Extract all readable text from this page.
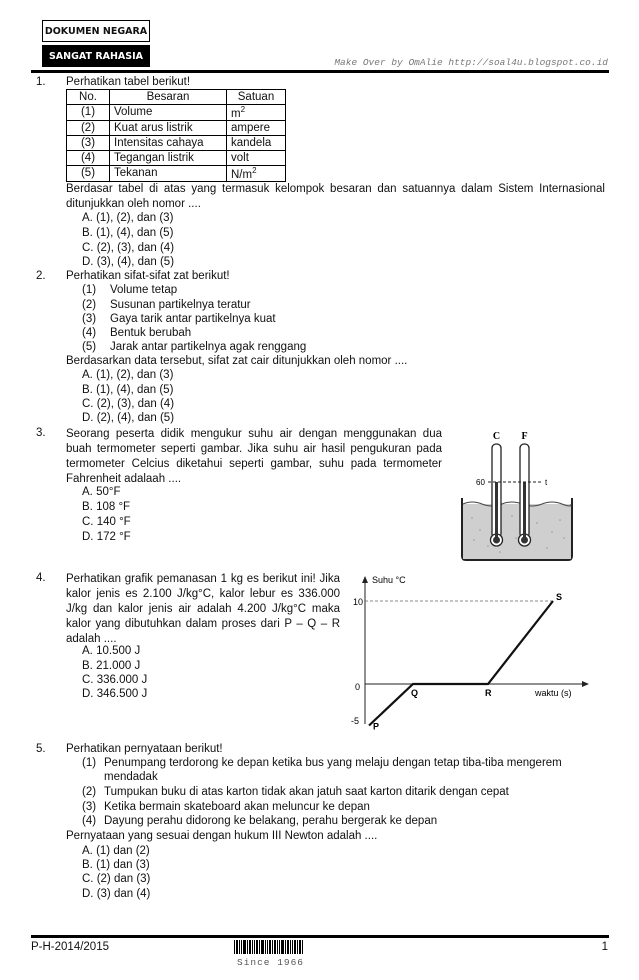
DOKUMEN NEGARA
SANGAT RAHASIA
Make Over by OmAlie http://soal4u.blogspot.co.id
1. Perhatikan tabel berikut!
No.	Besaran	Satuan
(1)	Volume	$m^2$
(2)	Kuat arus listrik	ampere
(3)	Intensitas cahaya	kandela
(4)	Tegangan listrik	volt
(5)	Tekanan	$N/m^2$
Berdasar tabel di atas yang termasuk kelompok besaran dan satuannya dalam Sistem Internasional ditunjukkan oleh nomor ....
A. (1), (2), dan (3)
B. (1), (4), dan (5)
C. (2), (3), dan (4)
D. (3), (4), dan (5)
2. Perhatikan sifat-sifat zat berikut!
(1) Volume tetap
(2) Susunan partikelnya teratur
(3) Gaya tarik antar partikelnya kuat
(4) Bentuk berubah
(5) Jarak antar partikelnya agak renggang
Berdasarkan data tersebut, sifat zat cair ditunjukkan oleh nomor ....
A. (1), (2), dan (3)
B. (1), (4), dan (5)
C. (2), (3), dan (4)
D. (2), (4), dan (5)
3. Seorang peserta didik mengukur suhu air dengan menggunakan dua buah termometer seperti gambar. Jika suhu air hasil pengukuran pada termometer Celcius diketahui seperti gambar, suhu pada termometer Fahrenheit adalaah ....
A. 50°F
B. 108 °F
C. 140 °F
D. 172 °F
C F
60	t
4. Perhatikan grafik pemanasan 1 kg es berikut ini! Jika kalor jenis es 2.100 J/kg°C, kalor lebur es 336.000 J/kg dan kalor jenis air adalah 4.200 J/kg°C maka kalor yang dibutuhkan dalam proses dari P – Q – R adalah ....
A. 10.500 J
B. 21.000 J
C. 336.000 J
D. 346.500 J
Suhu °C
waktu (s)
10
0
-5
P
Q	R
S
5. Perhatikan pernyataan berikut!
(1) Penumpang terdorong ke depan ketika bus yang melaju dengan tetap tiba-tiba mengerem
mendadak
(2) Tumpukan buku di atas karton tidak akan jatuh saat karton ditarik dengan cepat
(3) Ketika bermain skateboard akan meluncur ke depan
(4) Dayung perahu didorong ke belakang, perahu bergerak ke depan
Pernyataan yang sesuai dengan hukum III Newton adalah ....
A. (1) dan (2)
B. (1) dan (3)
C. (2) dan (3)
D. (3) dan (4)
P-H-2014/2015
Since 1966
1
